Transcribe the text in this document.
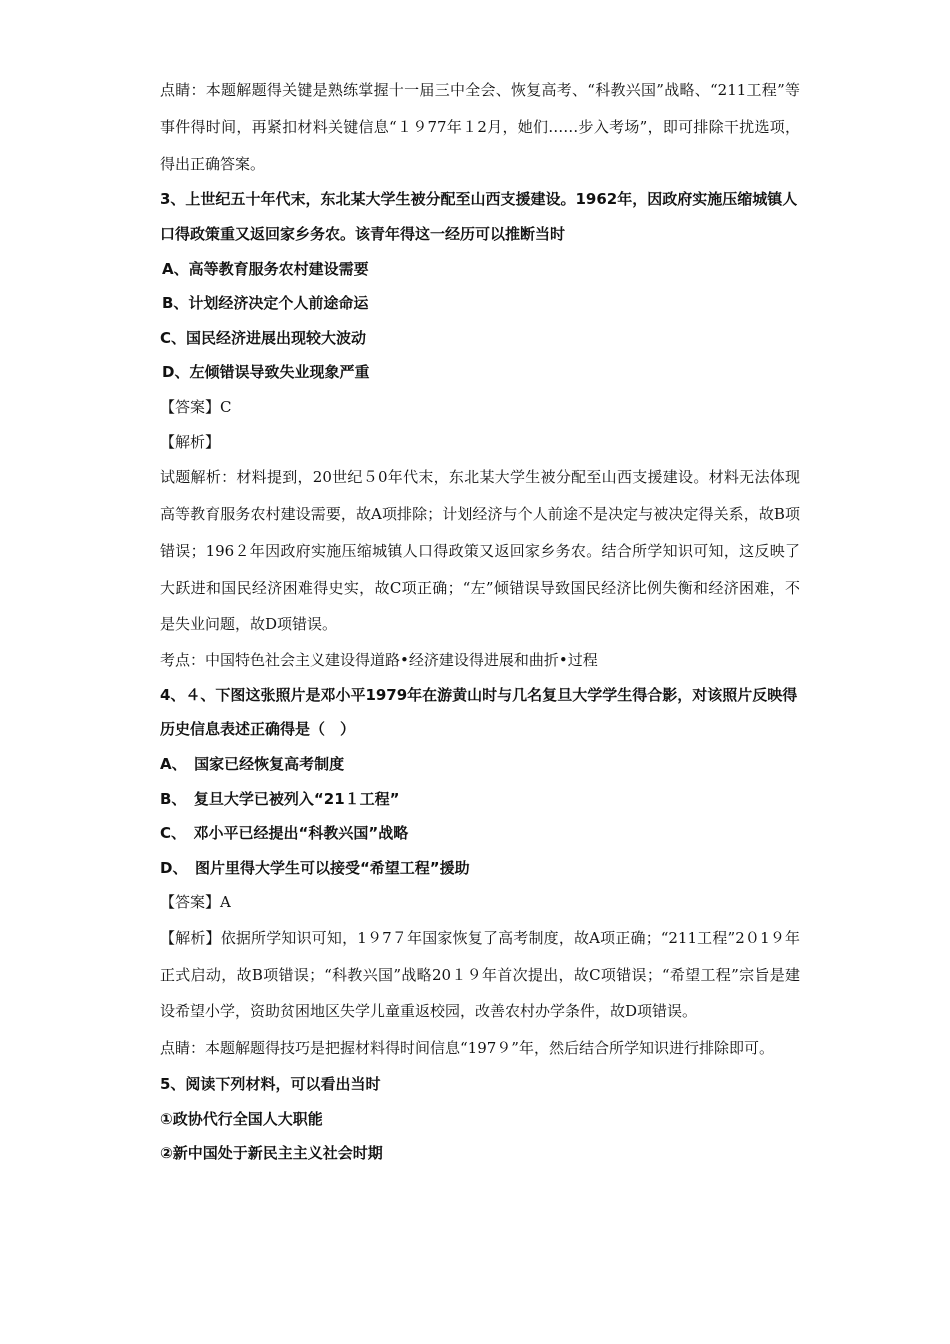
点睛：本题解题得关键是熟练掌握十一届三中全会、恢复高考、“科教兴国”战略、“211工程”等事件得时间，再紧扣材料关键信息“１９77年１2月，她们……步入考场”，即可排除干扰选项，得出正确答案。
3、上世纪五十年代末，东北某大学生被分配至山西支援建设。1962年，因政府实施压缩城镇人口得政策重又返回家乡务农。该青年得这一经历可以推断当时
A、高等教育服务农村建设需要
B、计划经济决定个人前途命运
C、国民经济进展出现较大波动
D、左倾错误导致失业现象严重
【答案】C
【解析】
试题解析：材料提到，20世纪５0年代末，东北某大学生被分配至山西支援建设。材料无法体现高等教育服务农村建设需要，故A项排除；计划经济与个人前途不是决定与被决定得关系，故B项错误；196２年因政府实施压缩城镇人口得政策又返回家乡务农。结合所学知识可知，这反映了大跃进和国民经济困难得史实，故C项正确；“左”倾错误导致国民经济比例失衡和经济困难，不是失业问题，故D项错误。
考点：中国特色社会主义建设得道路•经济建设得进展和曲折•过程
4、４、下图这张照片是邓小平1979年在游黄山时与几名复旦大学学生得合影，对该照片反映得历史信息表述正确得是（　）
A、　国家已经恢复高考制度
B、　复旦大学已被列入“21１工程”
C、　邓小平已经提出“科教兴国”战略
D、　图片里得大学生可以接受“希望工程”援助
【答案】A
【解析】依据所学知识可知，1９7７年国家恢复了高考制度，故A项正确；“211工程”2０1９年正式启动，故B项错误；“科教兴国”战略20１９年首次提出，故C项错误；“希望工程”宗旨是建设希望小学，资助贫困地区失学儿童重返校园，改善农村办学条件，故D项错误。
点睛：本题解题得技巧是把握材料得时间信息“197９”年，然后结合所学知识进行排除即可。
5、阅读下列材料，可以看出当时
①政协代行全国人大职能
②新中国处于新民主主义社会时期
